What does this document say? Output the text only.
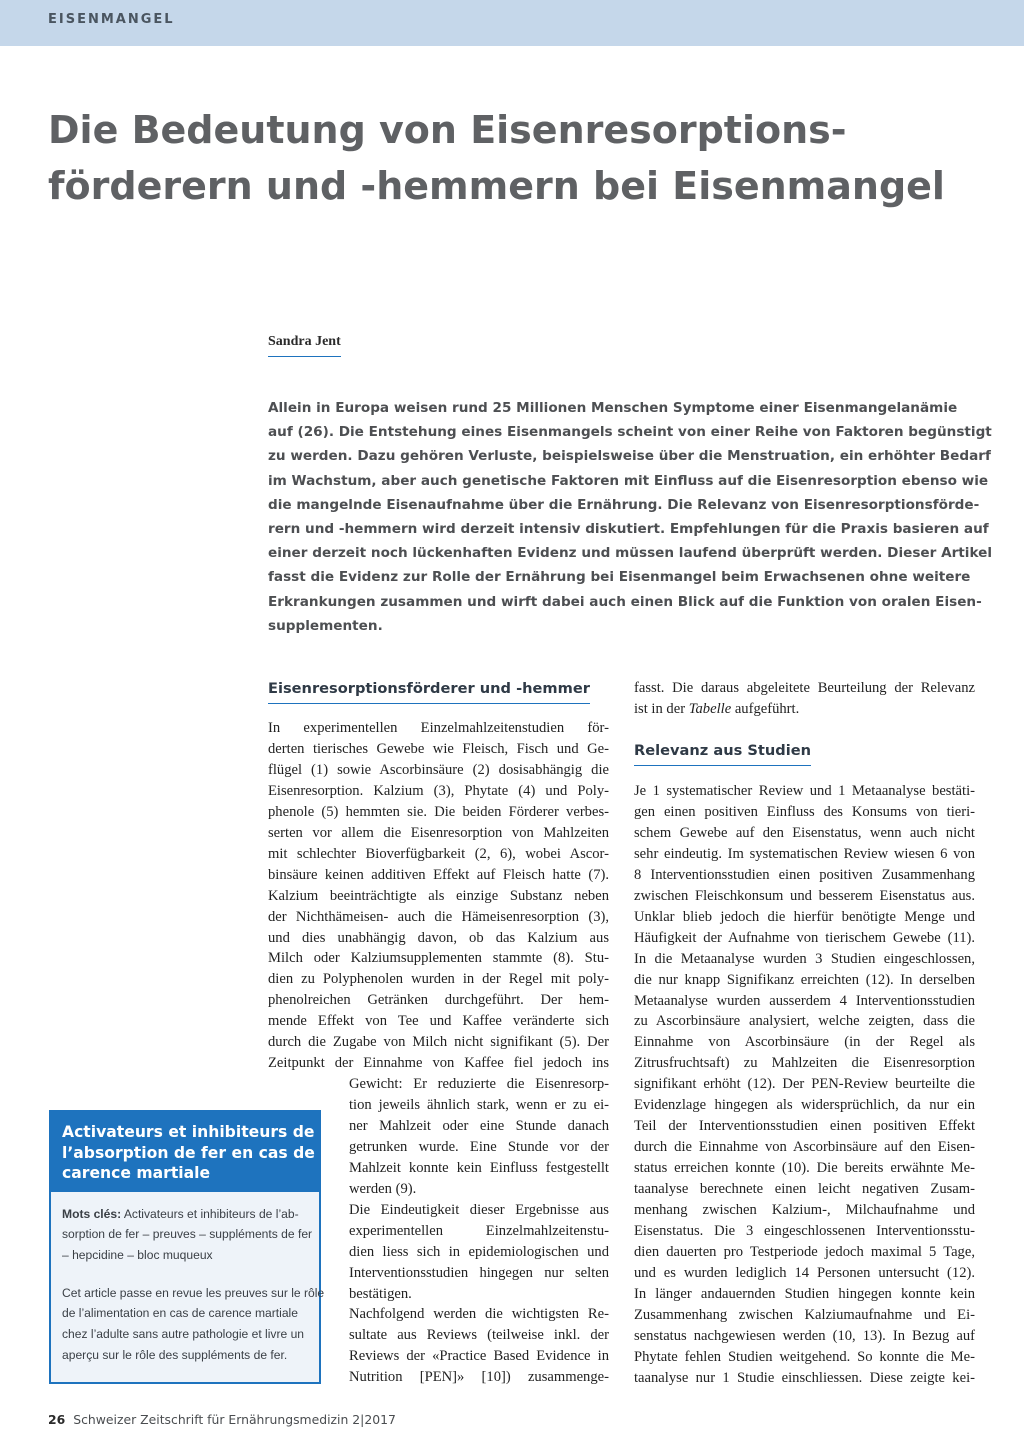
EISENMANGEL
Die Bedeutung von Eisenresorptions-
förderern und -hemmern bei Eisenmangel
Sandra Jent
Allein in Europa weisen rund 25 Millionen Menschen Symptome einer Eisenmangelanämie
auf (26). Die Entstehung eines Eisenmangels scheint von einer Reihe von Faktoren begünstigt
zu werden. Dazu gehören Verluste, beispielsweise über die Menstruation, ein erhöhter Bedarf
im Wachstum, aber auch genetische Faktoren mit Einfluss auf die Eisenresorption ebenso wie
die mangelnde Eisenaufnahme über die Ernährung. Die Relevanz von Eisenresorptionsförde-
rern und -hemmern wird derzeit intensiv diskutiert. Empfehlungen für die Praxis basieren auf
einer derzeit noch lückenhaften Evidenz und müssen laufend überprüft werden. Dieser Artikel
fasst die Evidenz zur Rolle der Ernährung bei Eisenmangel beim Erwachsenen ohne weitere
Erkrankungen zusammen und wirft dabei auch einen Blick auf die Funktion von oralen Eisen-
supplementen.
Eisenresorptionsförderer und -hemmer
In experimentellen Einzelmahlzeitenstudien för-
derten tierisches Gewebe wie Fleisch, Fisch und Ge-
flügel (1) sowie Ascorbinsäure (2) dosisabhängig die
Eisenresorption. Kalzium (3), Phytate (4) und Poly-
phenole (5) hemmten sie. Die beiden Förderer verbes-
serten vor allem die Eisenresorption von Mahlzeiten
mit schlechter Bioverfügbarkeit (2, 6), wobei Ascor-
binsäure keinen additiven Effekt auf Fleisch hatte (7).
Kalzium beeinträchtigte als einzige Substanz neben
der Nichthämeisen- auch die Hämeisenresorption (3),
und dies unabhängig davon, ob das Kalzium aus
Milch oder Kalziumsupplementen stammte (8). Stu-
dien zu Polyphenolen wurden in der Regel mit poly-
phenolreichen Getränken durchgeführt. Der hem-
mende Effekt von Tee und Kaffee veränderte sich
durch die Zugabe von Milch nicht signifikant (5). Der
Zeitpunkt der Einnahme von Kaffee fiel jedoch ins
Gewicht: Er reduzierte die Eisenresorp-
tion jeweils ähnlich stark, wenn er zu ei-
ner Mahlzeit oder eine Stunde danach
getrunken wurde. Eine Stunde vor der
Mahlzeit konnte kein Einfluss festgestellt
werden (9).
Die Eindeutigkeit dieser Ergebnisse aus
experimentellen Einzelmahlzeitenstu-
dien liess sich in epidemiologischen und
Interventionsstudien hingegen nur selten
bestätigen.
Nachfolgend werden die wichtigsten Re-
sultate aus Reviews (teilweise inkl. der
Reviews der «Practice Based Evidence in
Nutrition [PEN]» [10]) zusammenge-
fasst. Die daraus abgeleitete Beurteilung der Relevanz
ist in der Tabelle aufgeführt.
Relevanz aus Studien
Je 1 systematischer Review und 1 Metaanalyse bestäti-
gen einen positiven Einfluss des Konsums von tieri-
schem Gewebe auf den Eisenstatus, wenn auch nicht
sehr eindeutig. Im systematischen Review wiesen 6 von
8 Interventionsstudien einen positiven Zusammenhang
zwischen Fleischkonsum und besserem Eisenstatus aus.
Unklar blieb jedoch die hierfür benötigte Menge und
Häufigkeit der Aufnahme von tierischem Gewebe (11).
In die Metaanalyse wurden 3 Studien eingeschlossen,
die nur knapp Signifikanz erreichten (12). In derselben
Metaanalyse wurden ausserdem 4 Interventionsstudien
zu Ascorbinsäure analysiert, welche zeigten, dass die
Einnahme von Ascorbinsäure (in der Regel als
Zitrusfruchtsaft) zu Mahlzeiten die Eisenresorption
signifikant erhöht (12). Der PEN-Review beurteilte die
Evidenzlage hingegen als widersprüchlich, da nur ein
Teil der Interventionsstudien einen positiven Effekt
durch die Einnahme von Ascorbinsäure auf den Eisen-
status erreichen konnte (10). Die bereits erwähnte Me-
taanalyse berechnete einen leicht negativen Zusam-
menhang zwischen Kalzium-, Milchaufnahme und
Eisenstatus. Die 3 eingeschlossenen Interventionsstu-
dien dauerten pro Testperiode jedoch maximal 5 Tage,
und es wurden lediglich 14 Personen untersucht (12).
In länger andauernden Studien hingegen konnte kein
Zusammenhang zwischen Kalziumaufnahme und Ei-
senstatus nachgewiesen werden (10, 13). In Bezug auf
Phytate fehlen Studien weitgehend. So konnte die Me-
taanalyse nur 1 Studie einschliessen. Diese zeigte kei-
Activateurs et inhibiteurs de
l’absorption de fer en cas de
carence martiale
Mots clés: Activateurs et inhibiteurs de l’ab-
sorption de fer – preuves – suppléments de fer
– hepcidine – bloc muqueux
Cet article passe en revue les preuves sur le rôle
de l’alimentation en cas de carence martiale
chez l’adulte sans autre pathologie et livre un
aperçu sur le rôle des suppléments de fer.
26 Schweizer Zeitschrift für Ernährungsmedizin 2|2017
